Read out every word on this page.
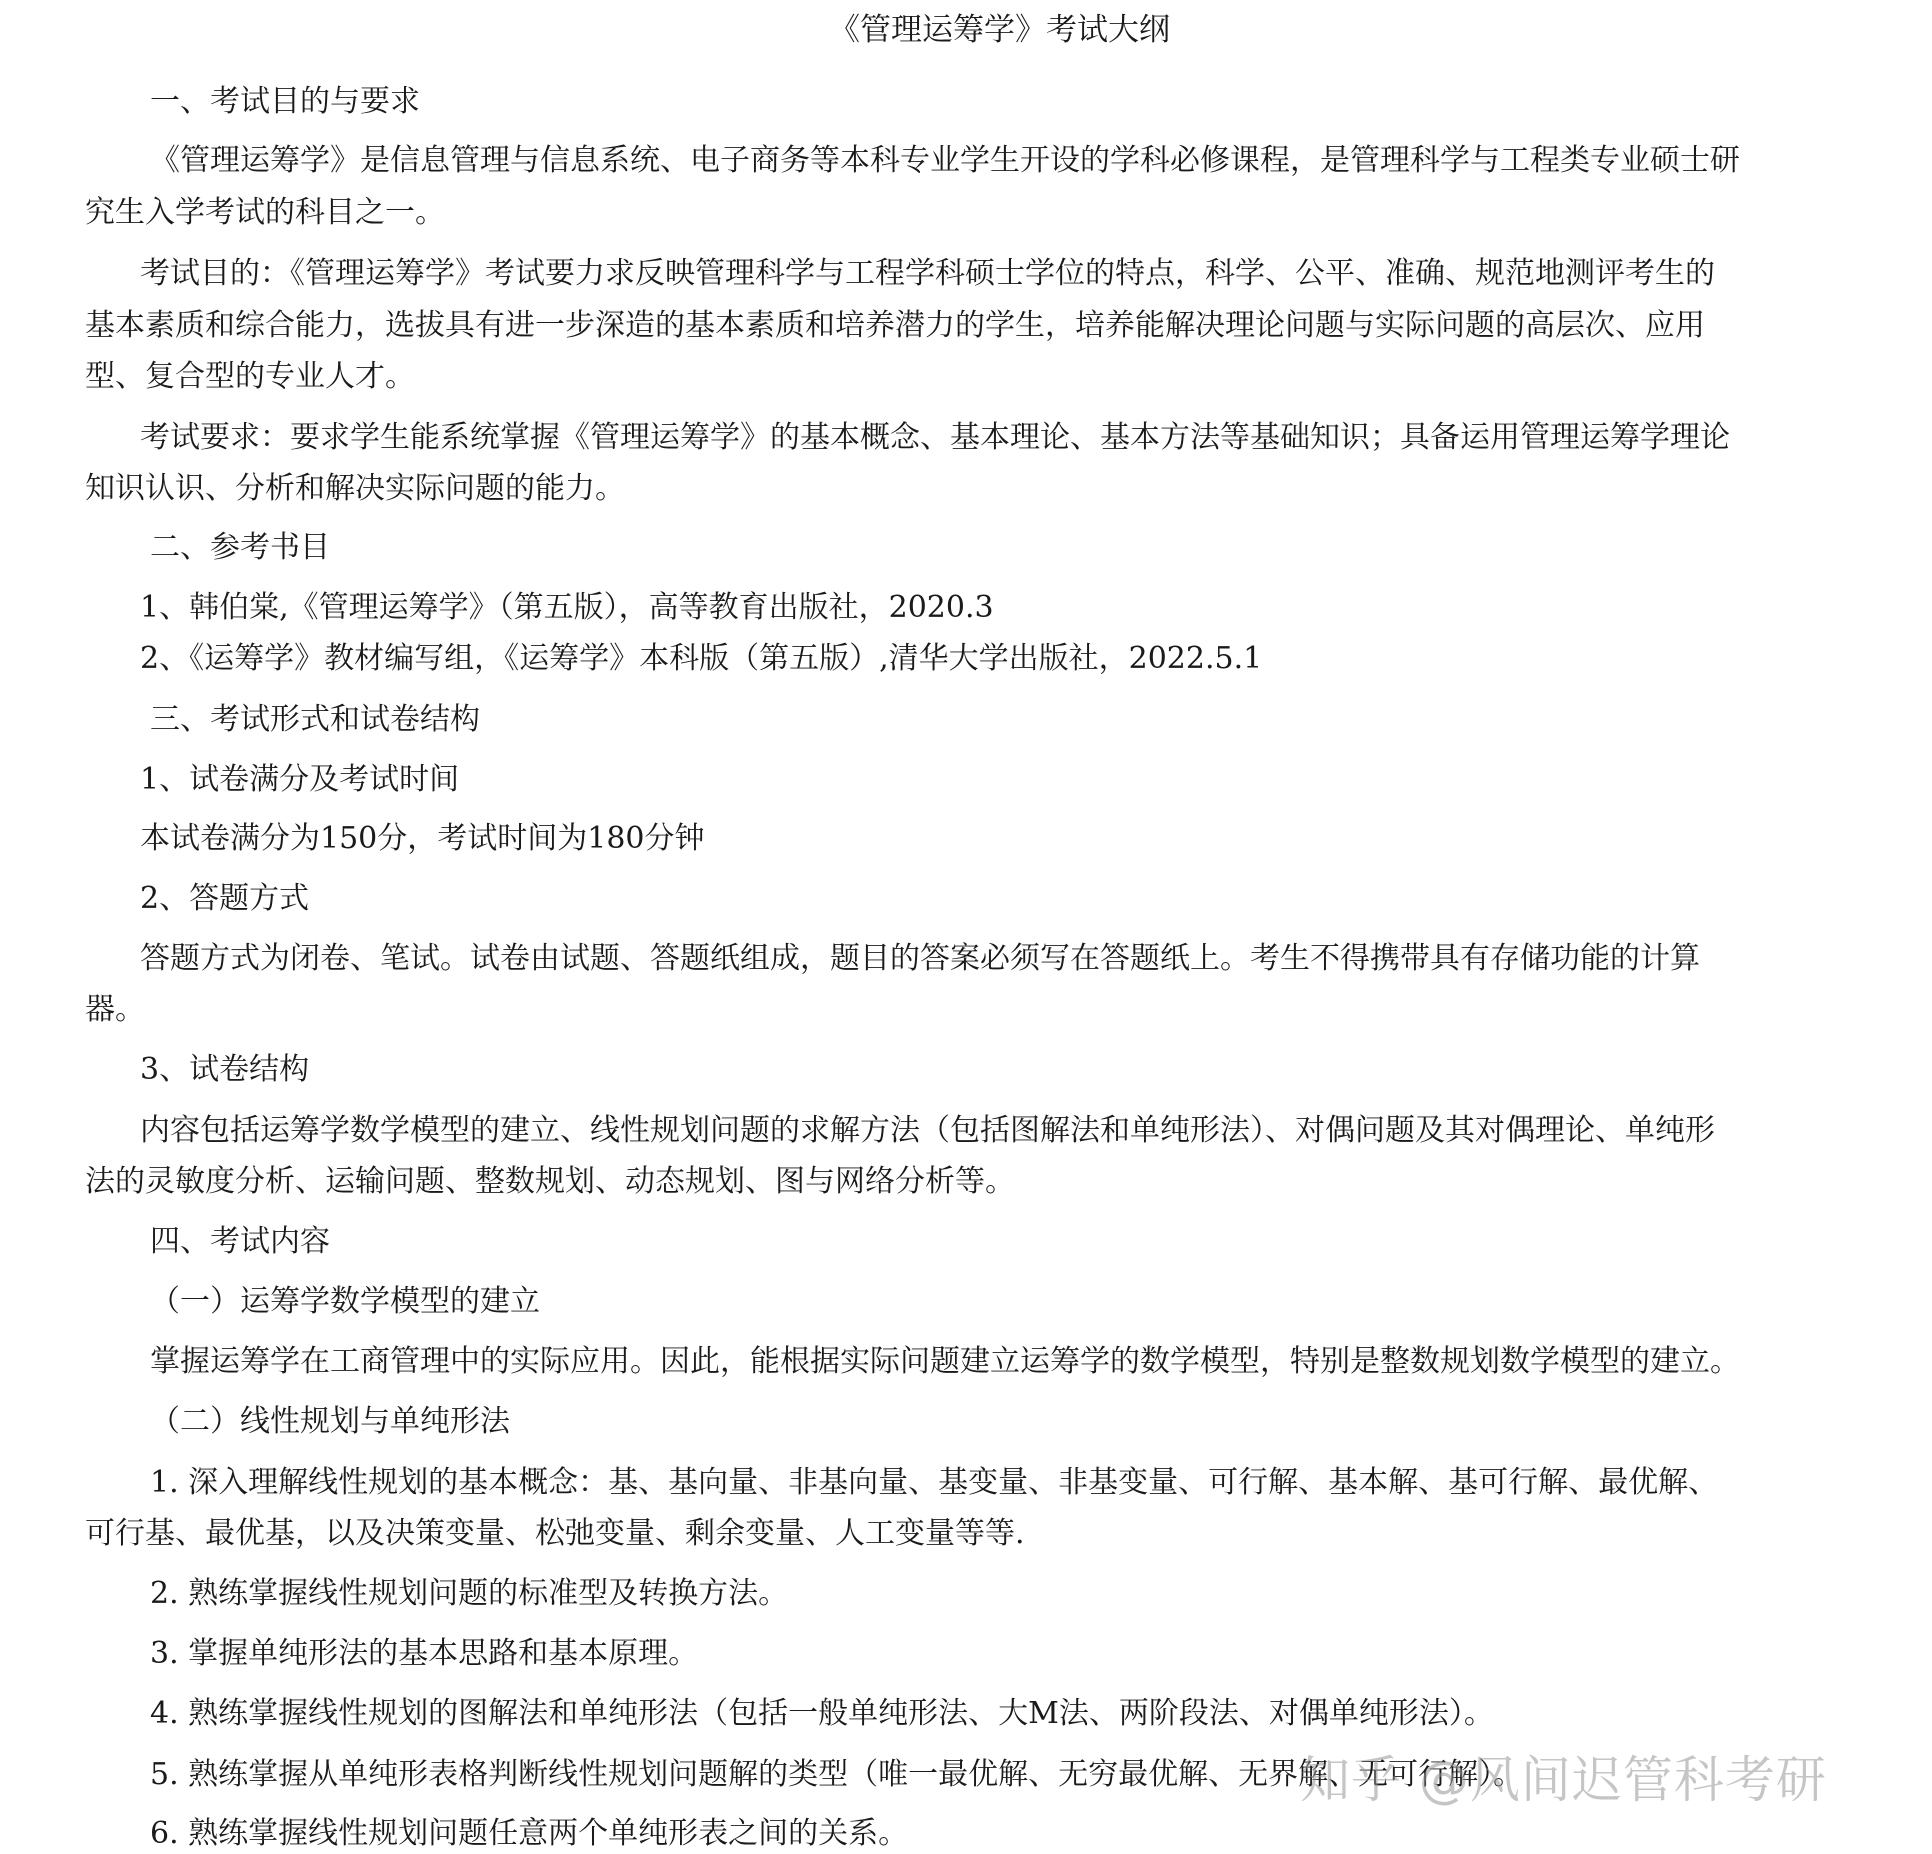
《管理运筹学》考试大纲
一、考试目的与要求
《管理运筹学》是信息管理与信息系统、电子商务等本科专业学生开设的学科必修课程，是管理科学与工程类专业硕士研
究生入学考试的科目之一。
考试目的：《管理运筹学》考试要力求反映管理科学与工程学科硕士学位的特点，科学、公平、准确、规范地测评考生的
基本素质和综合能力，选拔具有进一步深造的基本素质和培养潜力的学生，培养能解决理论问题与实际问题的高层次、应用
型、复合型的专业人才。
考试要求：要求学生能系统掌握《管理运筹学》的基本概念、基本理论、基本方法等基础知识；具备运用管理运筹学理论
知识认识、分析和解决实际问题的能力。
二、参考书目
1、韩伯棠,《管理运筹学》（第五版），高等教育出版社，2020.3
2、《运筹学》教材编写组，《运筹学》本科版（第五版）,清华大学出版社，2022.5.1
三、考试形式和试卷结构
1、试卷满分及考试时间
本试卷满分为150分，考试时间为180分钟
2、答题方式
答题方式为闭卷、笔试。试卷由试题、答题纸组成，题目的答案必须写在答题纸上。考生不得携带具有存储功能的计算
器。
3、试卷结构
内容包括运筹学数学模型的建立、线性规划问题的求解方法（包括图解法和单纯形法）、对偶问题及其对偶理论、单纯形
法的灵敏度分析、运输问题、整数规划、动态规划、图与网络分析等。
四、考试内容
（一）运筹学数学模型的建立
掌握运筹学在工商管理中的实际应用。因此，能根据实际问题建立运筹学的数学模型，特别是整数规划数学模型的建立。
（二）线性规划与单纯形法
1. 深入理解线性规划的基本概念：基、基向量、非基向量、基变量、非基变量、可行解、基本解、基可行解、最优解、
可行基、最优基，以及决策变量、松弛变量、剩余变量、人工变量等等.
2. 熟练掌握线性规划问题的标准型及转换方法。
3. 掌握单纯形法的基本思路和基本原理。
4. 熟练掌握线性规划的图解法和单纯形法（包括一般单纯形法、大M法、两阶段法、对偶单纯形法）。
5. 熟练掌握从单纯形表格判断线性规划问题解的类型（唯一最优解、无穷最优解、无界解、无可行解）。
6. 熟练掌握线性规划问题任意两个单纯形表之间的关系。
知乎 @风间迟管科考研
